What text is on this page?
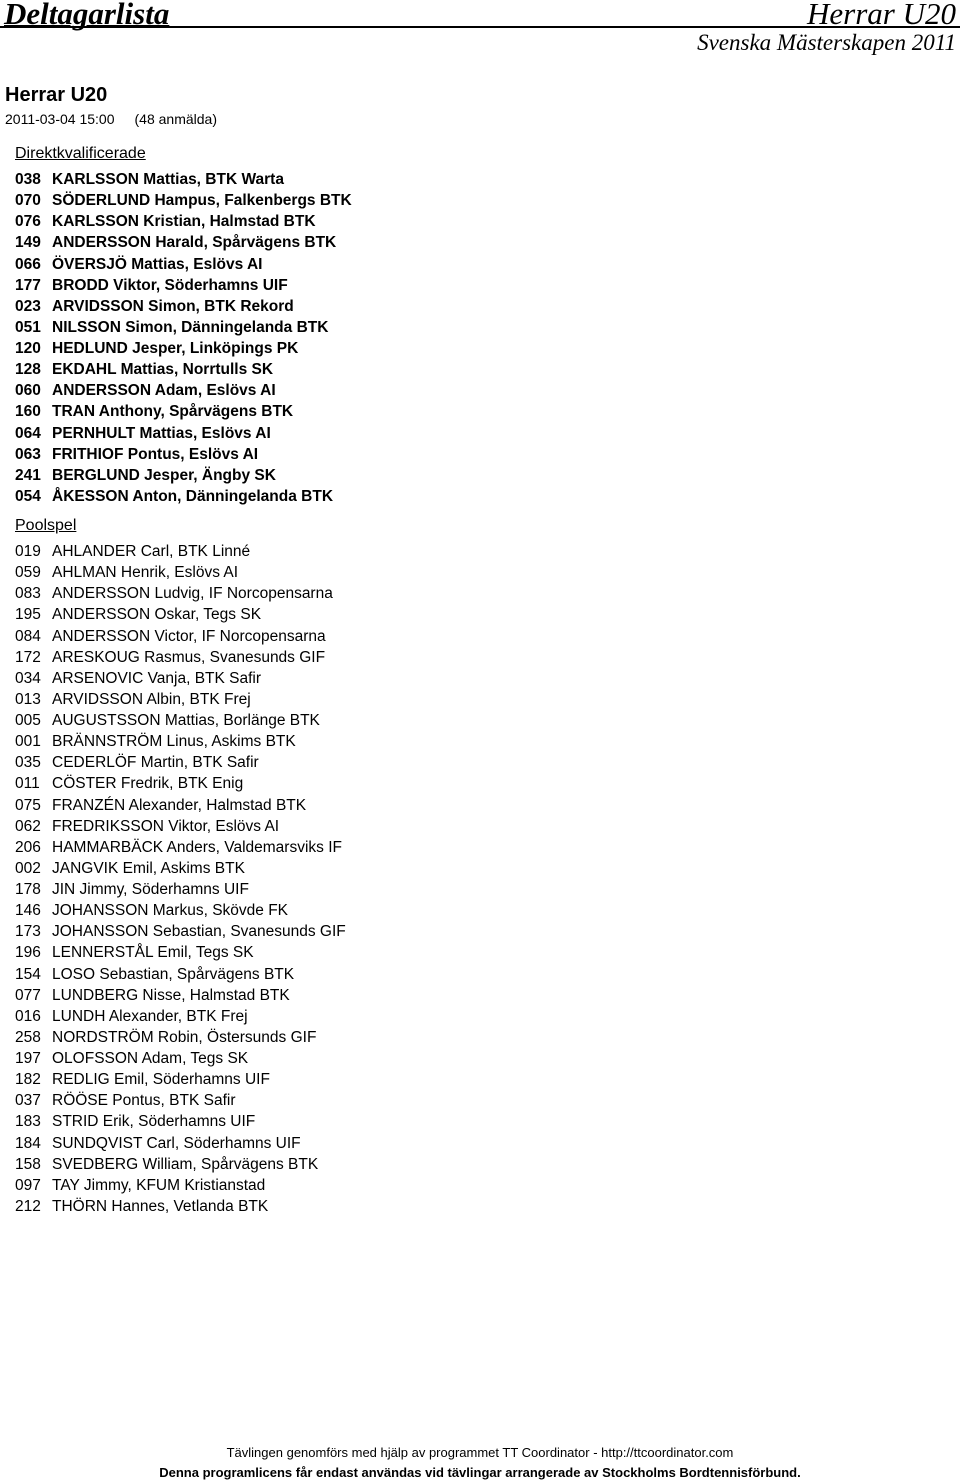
Deltagarlista	Herrar U20
Svenska Mästerskapen 2011
Herrar U20
2011-03-04 15:00 (48 anmälda)
Direktkvalificerade
038 KARLSSON Mattias, BTK Warta
070 SÖDERLUND Hampus, Falkenbergs BTK
076 KARLSSON Kristian, Halmstad BTK
149 ANDERSSON Harald, Spårvägens BTK
066 ÖVERSJÖ Mattias, Eslövs AI
177 BRODD Viktor, Söderhamns UIF
023 ARVIDSSON Simon, BTK Rekord
051 NILSSON Simon, Dänningelanda BTK
120 HEDLUND Jesper, Linköpings PK
128 EKDAHL Mattias, Norrtulls SK
060 ANDERSSON Adam, Eslövs AI
160 TRAN Anthony, Spårvägens BTK
064 PERNHULT Mattias, Eslövs AI
063 FRITHIOF Pontus, Eslövs AI
241 BERGLUND Jesper, Ängby SK
054 ÅKESSON Anton, Dänningelanda BTK
Poolspel
019 AHLANDER Carl, BTK Linné
059 AHLMAN Henrik, Eslövs AI
083 ANDERSSON Ludvig, IF Norcopensarna
195 ANDERSSON Oskar, Tegs SK
084 ANDERSSON Victor, IF Norcopensarna
172 ARESKOUG Rasmus, Svanesunds GIF
034 ARSENOVIC Vanja, BTK Safir
013 ARVIDSSON Albin, BTK Frej
005 AUGUSTSSON Mattias, Borlänge BTK
001 BRÄNNSTRÖM Linus, Askims BTK
035 CEDERLÖF Martin, BTK Safir
011 CÖSTER Fredrik, BTK Enig
075 FRANZÉN Alexander, Halmstad BTK
062 FREDRIKSSON Viktor, Eslövs AI
206 HAMMARBÄCK Anders, Valdemarsviks IF
002 JANGVIK Emil, Askims BTK
178 JIN Jimmy, Söderhamns UIF
146 JOHANSSON Markus, Skövde FK
173 JOHANSSON Sebastian, Svanesunds GIF
196 LENNERSTÅL Emil, Tegs SK
154 LOSO Sebastian, Spårvägens BTK
077 LUNDBERG Nisse, Halmstad BTK
016 LUNDH Alexander, BTK Frej
258 NORDSTRÖM Robin, Östersunds GIF
197 OLOFSSON Adam, Tegs SK
182 REDLIG Emil, Söderhamns UIF
037 RÖÖSE Pontus, BTK Safir
183 STRID Erik, Söderhamns UIF
184 SUNDQVIST Carl, Söderhamns UIF
158 SVEDBERG William, Spårvägens BTK
097 TAY Jimmy, KFUM Kristianstad
212 THÖRN Hannes, Vetlanda BTK
Tävlingen genomförs med hjälp av programmet TT Coordinator - http://ttcoordinator.com
Denna programlicens får endast användas vid tävlingar arrangerade av Stockholms Bordtennisförbund.
